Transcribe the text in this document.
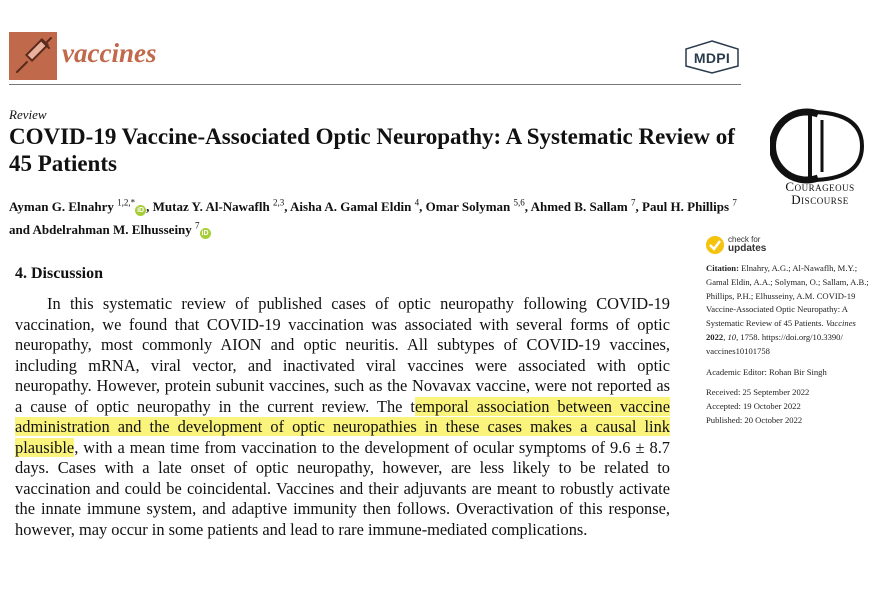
vaccines	MDPI
Review
COVID-19 Vaccine-Associated Optic Neuropathy: A Systematic Review of 45 Patients
Ayman G. Elnahry $^{1,2,*}$iD , Mutaz Y. Al-Nawaflh $^{2,3}$, Aisha A. Gamal Eldin $^4$, Omar Solyman $^{5,6}$, Ahmed B. Sallam $^7$, Paul H. Phillips $^7$ and Abdelrahman M. Elhusseiny $^7$iD
Courageous
Discourse
check for
updates

Citation: Elnahry, A.G.; Al-Nawaflh, M.Y.; Gamal Eldin, A.A.; Solyman, O.; Sallam, A.B.; Phillips, P.H.; Elhusseiny, A.M. COVID-19 Vaccine-Associated Optic Neuropathy: A Systematic Review of 45 Patients. Vaccines 2022, 10, 1758. https://doi.org/10.3390/ vaccines10101758

Academic Editor: Rohan Bir Singh

Received: 25 September 2022

Accepted: 19 October 2022

Published: 20 October 2022

4. Discussion

In this systematic review of published cases of optic neuropathy following COVID-19 vaccination, we found that COVID-19 vaccination was associated with several forms of optic neuropathy, most commonly AION and optic neuritis. All subtypes of COVID-19 vaccines, including mRNA, viral vector, and inactivated viral vaccines were associated with optic neuropathy. However, protein subunit vaccines, such as the Novavax vaccine, were not reported as a cause of optic neuropathy in the current review. The temporal association between vaccine administration and the development of optic neuropathies in these cases makes a causal link plausible, with a mean time from vaccination to the development of ocular symptoms of 9.6 ± 8.7 days. Cases with a late onset of optic neuropathy, however, are less likely to be related to vaccination and could be coincidental. Vaccines and their adjuvants are meant to robustly activate the innate immune system, and adaptive immunity then follows. Overactivation of this response, however, may occur in some patients and lead to rare immune-mediated complications.
